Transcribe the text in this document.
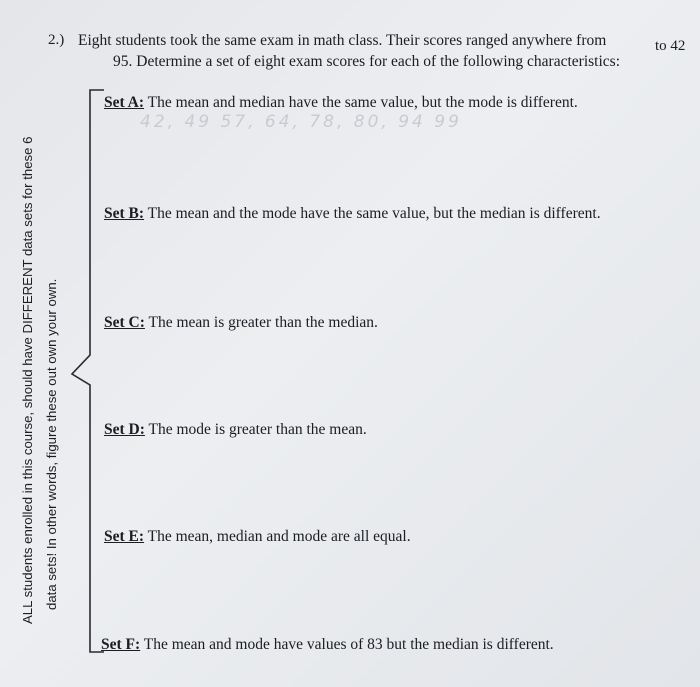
2.) Eight students took the same exam in math class. Their scores ranged anywhere from	to 42
95. Determine a set of eight exam scores for each of the following characteristics:
42, 49 57, 64, 78, 80, 94 99
Set A: The mean and median have the same value, but the mode is different.
Set B: The mean and the mode have the same value, but the median is different.
Set C: The mean is greater than the median.
Set D: The mode is greater than the mean.
Set E: The mean, median and mode are all equal.
Set F: The mean and mode have values of 83 but the median is different.
ALL students enrolled in this course, should have DIFFERENT data sets for these 6 data sets! In other words, figure these out own your own.
